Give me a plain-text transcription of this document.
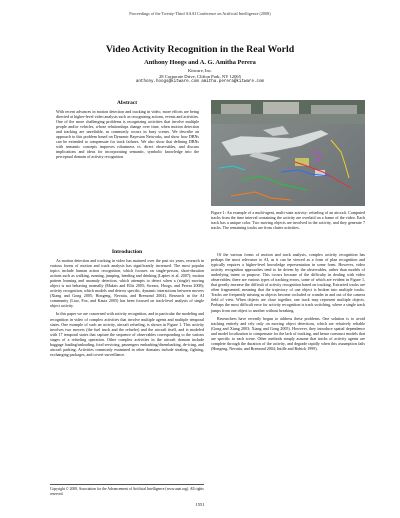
Proceedings of the Twenty-Third AAAI Conference on Artificial Intelligence (2008)
Video Activity Recognition in the Real World
Anthony Hoogs and A. G. Amitha Perera
Kitware, Inc.
28 Corporate Drive, Clifton Park, NY 12065
anthony.hoogs@kitware.com amitha.perera@kitware.com
Abstract
With recent advances in motion detection and tracking in video, more efforts are being directed at higher-level video analysis such as recognizing actions, events and activities. One of the more challenging problems is recognizing activities that involve multiple people and/or vehicles, whose relationships change over time, when motion detection and tracking are unreliable, as commonly occurs in busy scenes. We describe an approach to this problem based on Dynamic Bayesian Networks, and show how DBNs can be extended to compensate for track failures. We also show that defining DBNs with semantic concepts improves robustness vs. direct observables, and discuss implications and ideas for incorporating semantic, symbolic knowledge into the perceptual domain of activity recognition.
Introduction

As motion detection and tracking in video has matured over the past six years, research in various forms of motion and track analysis has significantly increased. The most popular topics include human action recognition, which focuses on single-person, short-duration actions such as walking, running, jumping, bending and drinking (Laptev et al. 2007); motion pattern learning and anomaly detection, which attempts to detect when a (single) moving object is not behaving normally (Makris and Ellis 2005; Swears, Hoogs, and Perera 2008); activity recognition, which models and detects specific, dynamic interactions between movers (Xiang and Gong 2005; Hongeng, Nevatia, and Bremond 2004). Research in the AI community (Liao, Fox, and Kautz 2005) has been focused on track-level analysis of single object activity.

In this paper we are concerned with activity recognition, and in particular the modeling and recognition in video of complex activities that involve multiple agents and multiple temporal states. One example of such an activity, aircraft refueling, is shown in Figure 1. This activity involves two movers (the fuel truck and the refueler) and the aircraft itself, and is modeled with 17 temporal states that capture the sequence of observables corresponding to the various stages of a refueling operation. Other complex activities in the aircraft domain include baggage loading/unloading, food servicing, passengers embarking/disembarking, de-icing, and aircraft parking. Activities commonly examined in other domains include stealing, fighting, exchanging packages, and covert surveillance.

Copyright © 2008, Association for the Advancement of Artificial Intelligence (www.aaai.org). All rights reserved.
Figure 1: An example of a multi-agent, multi-state activity: refueling of an aircraft. Computed tracks from the time interval containing the activity are overlaid on a frame of the video. Each track has a unique color. Two moving objects are involved in the activity, and they generate 7 tracks. The remaining tracks are from clutter activities.

Of the various forms of motion and track analysis, complex activity recognition has perhaps the most relevance to AI, as it can be viewed as a form of plan recognition and typically requires a higher-level knowledge representation in some form. However, video activity recognition approaches tend to be driven by the observables, rather than models of underlying intent or purpose. This occurs because of the difficulty in dealing with video observables; there are various types of tracking errors, some of which are evident in Figure 1, that greatly increase the difficult of activity recognition based on tracking. Extracted tracks are often fragmented, meaning that the trajectory of one object is broken into multiple tracks. Tracks are frequently missing as objects become occluded or wander in and out of the camera field of view. When objects are close together, one track may represent multiple objects. Perhaps the most difficult error for activity recognition is track switching, where a single track jumps from one object to another without breaking.

Researchers have recently begun to address these problems. One solution is to avoid tracking entirely and rely only on moving object detections, which are relatively reliable (Gong and Xiang 2003; Xiang and Gong 2005). However, they introduce spatial dependence and model localization to compensate for the lack of tracking, and hence construct models that are specific to each scene. Other methods simply assume that tracks of activity agents are complete through the duration of the activity, and degrade rapidly when this assumption fails (Hongeng, Nevatia, and Bremond 2004; Intille and Bobick 1999).

1551
